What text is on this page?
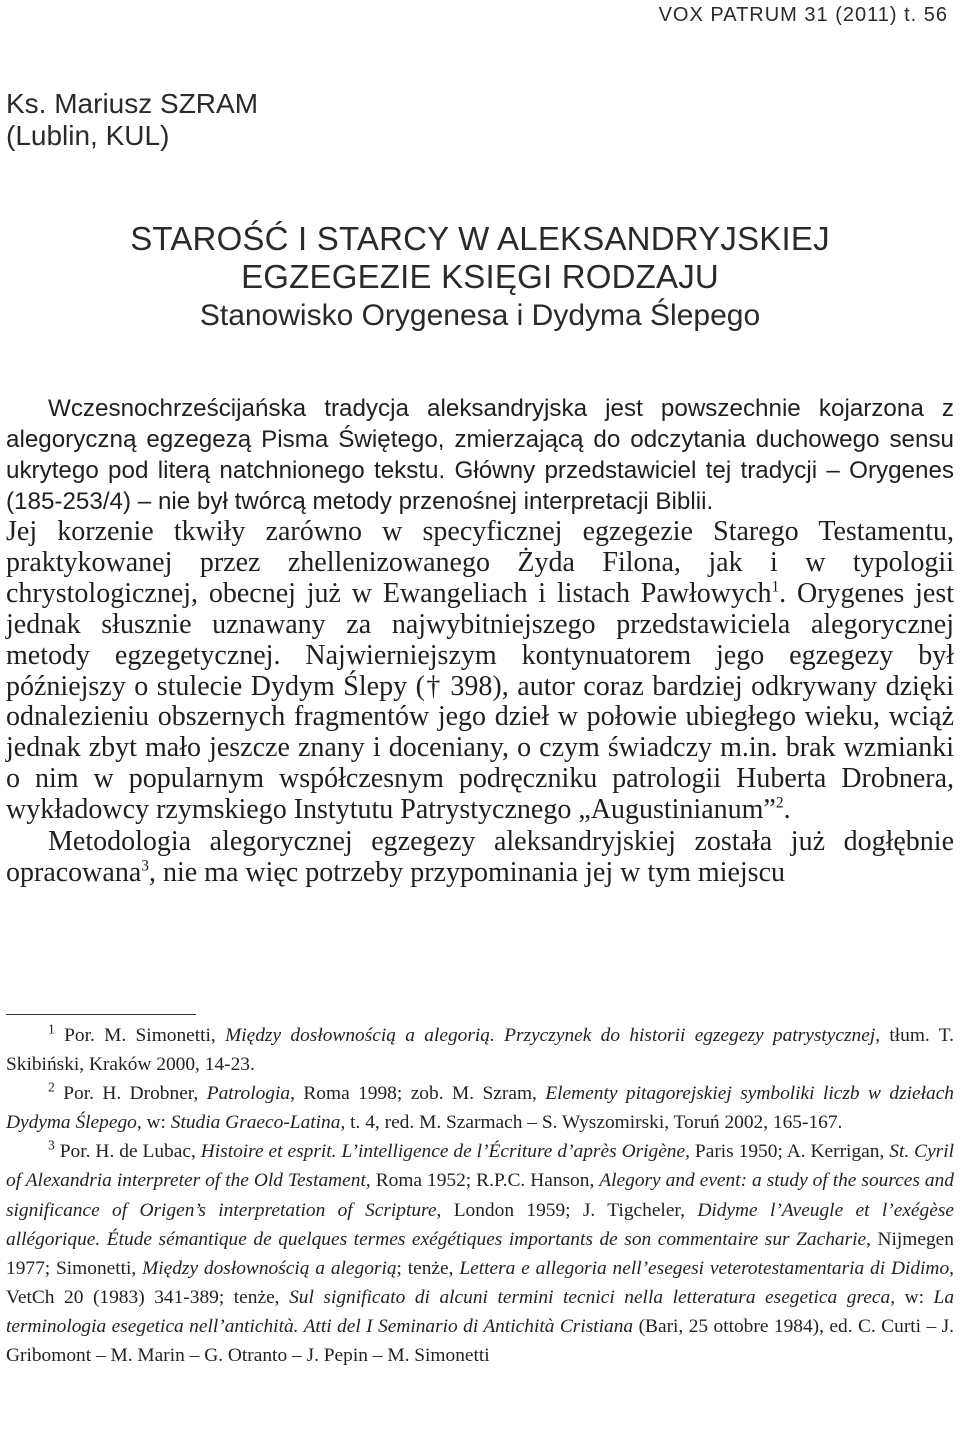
VOX PATRUM 31 (2011) t. 56
Ks. Mariusz SZRAM
(Lublin, KUL)
STAROŚĆ I STARCY W ALEKSANDRYJSKIEJ
EGZEGEZIE KSIĘGI RODZAJU
Stanowisko Orygenesa i Dydyma Ślepego

Wczesnochrześcijańska tradycja aleksandryjska jest powszechnie kojarzona z alegoryczną egzegezą Pisma Świętego, zmierzającą do odczytania duchowego sensu ukrytego pod literą natchnionego tekstu. Główny przedstawiciel tej tradycji – Orygenes (185-253/4) – nie był twórcą metody przenośnej interpretacji Biblii.

Jej korzenie tkwiły zarówno w specyficznej egzegezie Starego Testamentu, praktykowanej przez zhellenizowanego Żyda Filona, jak i w typologii chrystologicznej, obecnej już w Ewangeliach i listach Pawłowych$^1$. Orygenes jest jednak słusznie uznawany za najwybitniejszego przedstawiciela alegorycznej metody egzegetycznej. Najwierniejszym kontynuatorem jego egzegezy był późniejszy o stulecie Dydym Ślepy († 398), autor coraz bardziej odkrywany dzięki odnalezieniu obszernych fragmentów jego dzieł w połowie ubiegłego wieku, wciąż jednak zbyt mało jeszcze znany i doceniany, o czym świadczy m.in. brak wzmianki o nim w popularnym współczesnym podręczniku patrologii Huberta Drobnera, wykładowcy rzymskiego Instytutu Patrystycznego „Augustinianum”$^2$.

Metodologia alegorycznej egzegezy aleksandryjskiej została już dogłębnie opracowana$^3$, nie ma więc potrzeby przypominania jej w tym miejscu

$^1$ Por. M. Simonetti, Między dosłownością a alegorią. Przyczynek do historii egzegezy patrystycznej, tłum. T. Skibiński, Kraków 2000, 14-23.

$^2$ Por. H. Drobner, Patrologia, Roma 1998; zob. M. Szram, Elementy pitagorejskiej symboliki liczb w dziełach Dydyma Ślepego, w: Studia Graeco-Latina, t. 4, red. M. Szarmach – S. Wyszomirski, Toruń 2002, 165-167.

$^3$ Por. H. de Lubac, Histoire et esprit. L’intelligence de l’Écriture d’après Origène, Paris 1950; A. Kerrigan, St. Cyril of Alexandria interpreter of the Old Testament, Roma 1952; R.P.C. Hanson, Alegory and event: a study of the sources and significance of Origen’s interpretation of Scripture, London 1959; J. Tigcheler, Didyme l’Aveugle et l’exégèse allégorique. Étude sémantique de quelques termes exégétiques importants de son commentaire sur Zacharie, Nijmegen 1977; Simonetti, Między dosłownością a alegorią; tenże, Lettera e allegoria nell’esegesi veterotestamentaria di Didimo, VetCh 20 (1983) 341-389; tenże, Sul significato di alcuni termini tecnici nella letteratura esegetica greca, w: La terminologia esegetica nell’antichità. Atti del I Seminario di Antichità Cristiana (Bari, 25 ottobre 1984), ed. C. Curti – J. Gribomont – M. Marin – G. Otranto – J. Pepin – M. Simonetti
